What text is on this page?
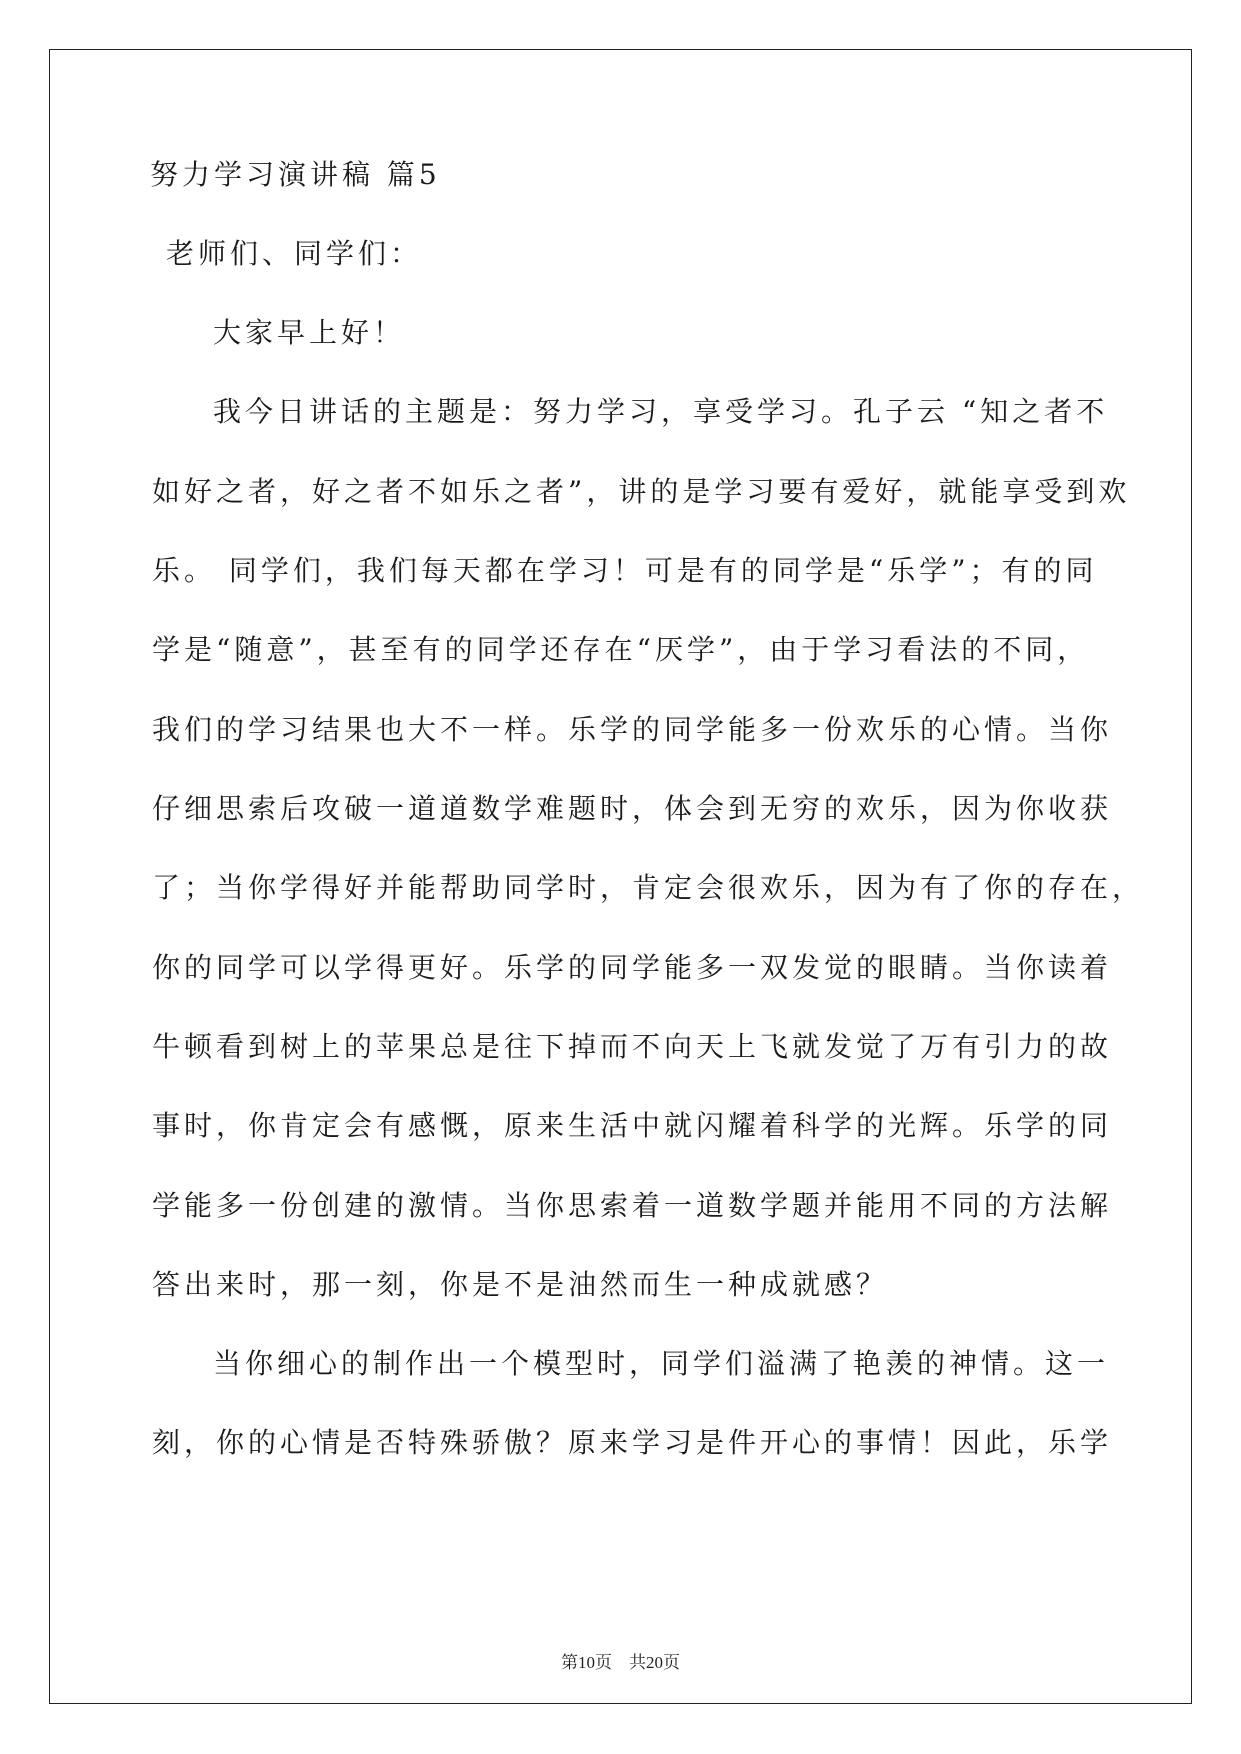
努力学习演讲稿 篇5
老师们、同学们：
大家早上好！
我今日讲话的主题是：努力学习，享受学习。孔子云 “知之者不
如好之者，好之者不如乐之者”，讲的是学习要有爱好，就能享受到欢
乐。 同学们，我们每天都在学习！可是有的同学是“乐学”；有的同
学是“随意”，甚至有的同学还存在“厌学”，由于学习看法的不同，
我们的学习结果也大不一样。乐学的同学能多一份欢乐的心情。当你
仔细思索后攻破一道道数学难题时，体会到无穷的欢乐，因为你收获
了；当你学得好并能帮助同学时，肯定会很欢乐，因为有了你的存在，
你的同学可以学得更好。乐学的同学能多一双发觉的眼睛。当你读着
牛顿看到树上的苹果总是往下掉而不向天上飞就发觉了万有引力的故
事时，你肯定会有感慨，原来生活中就闪耀着科学的光辉。乐学的同
学能多一份创建的激情。当你思索着一道数学题并能用不同的方法解
答出来时，那一刻，你是不是油然而生一种成就感？
当你细心的制作出一个模型时，同学们溢满了艳羡的神情。这一
刻，你的心情是否特殊骄傲？原来学习是件开心的事情！因此，乐学
第10页　共20页
